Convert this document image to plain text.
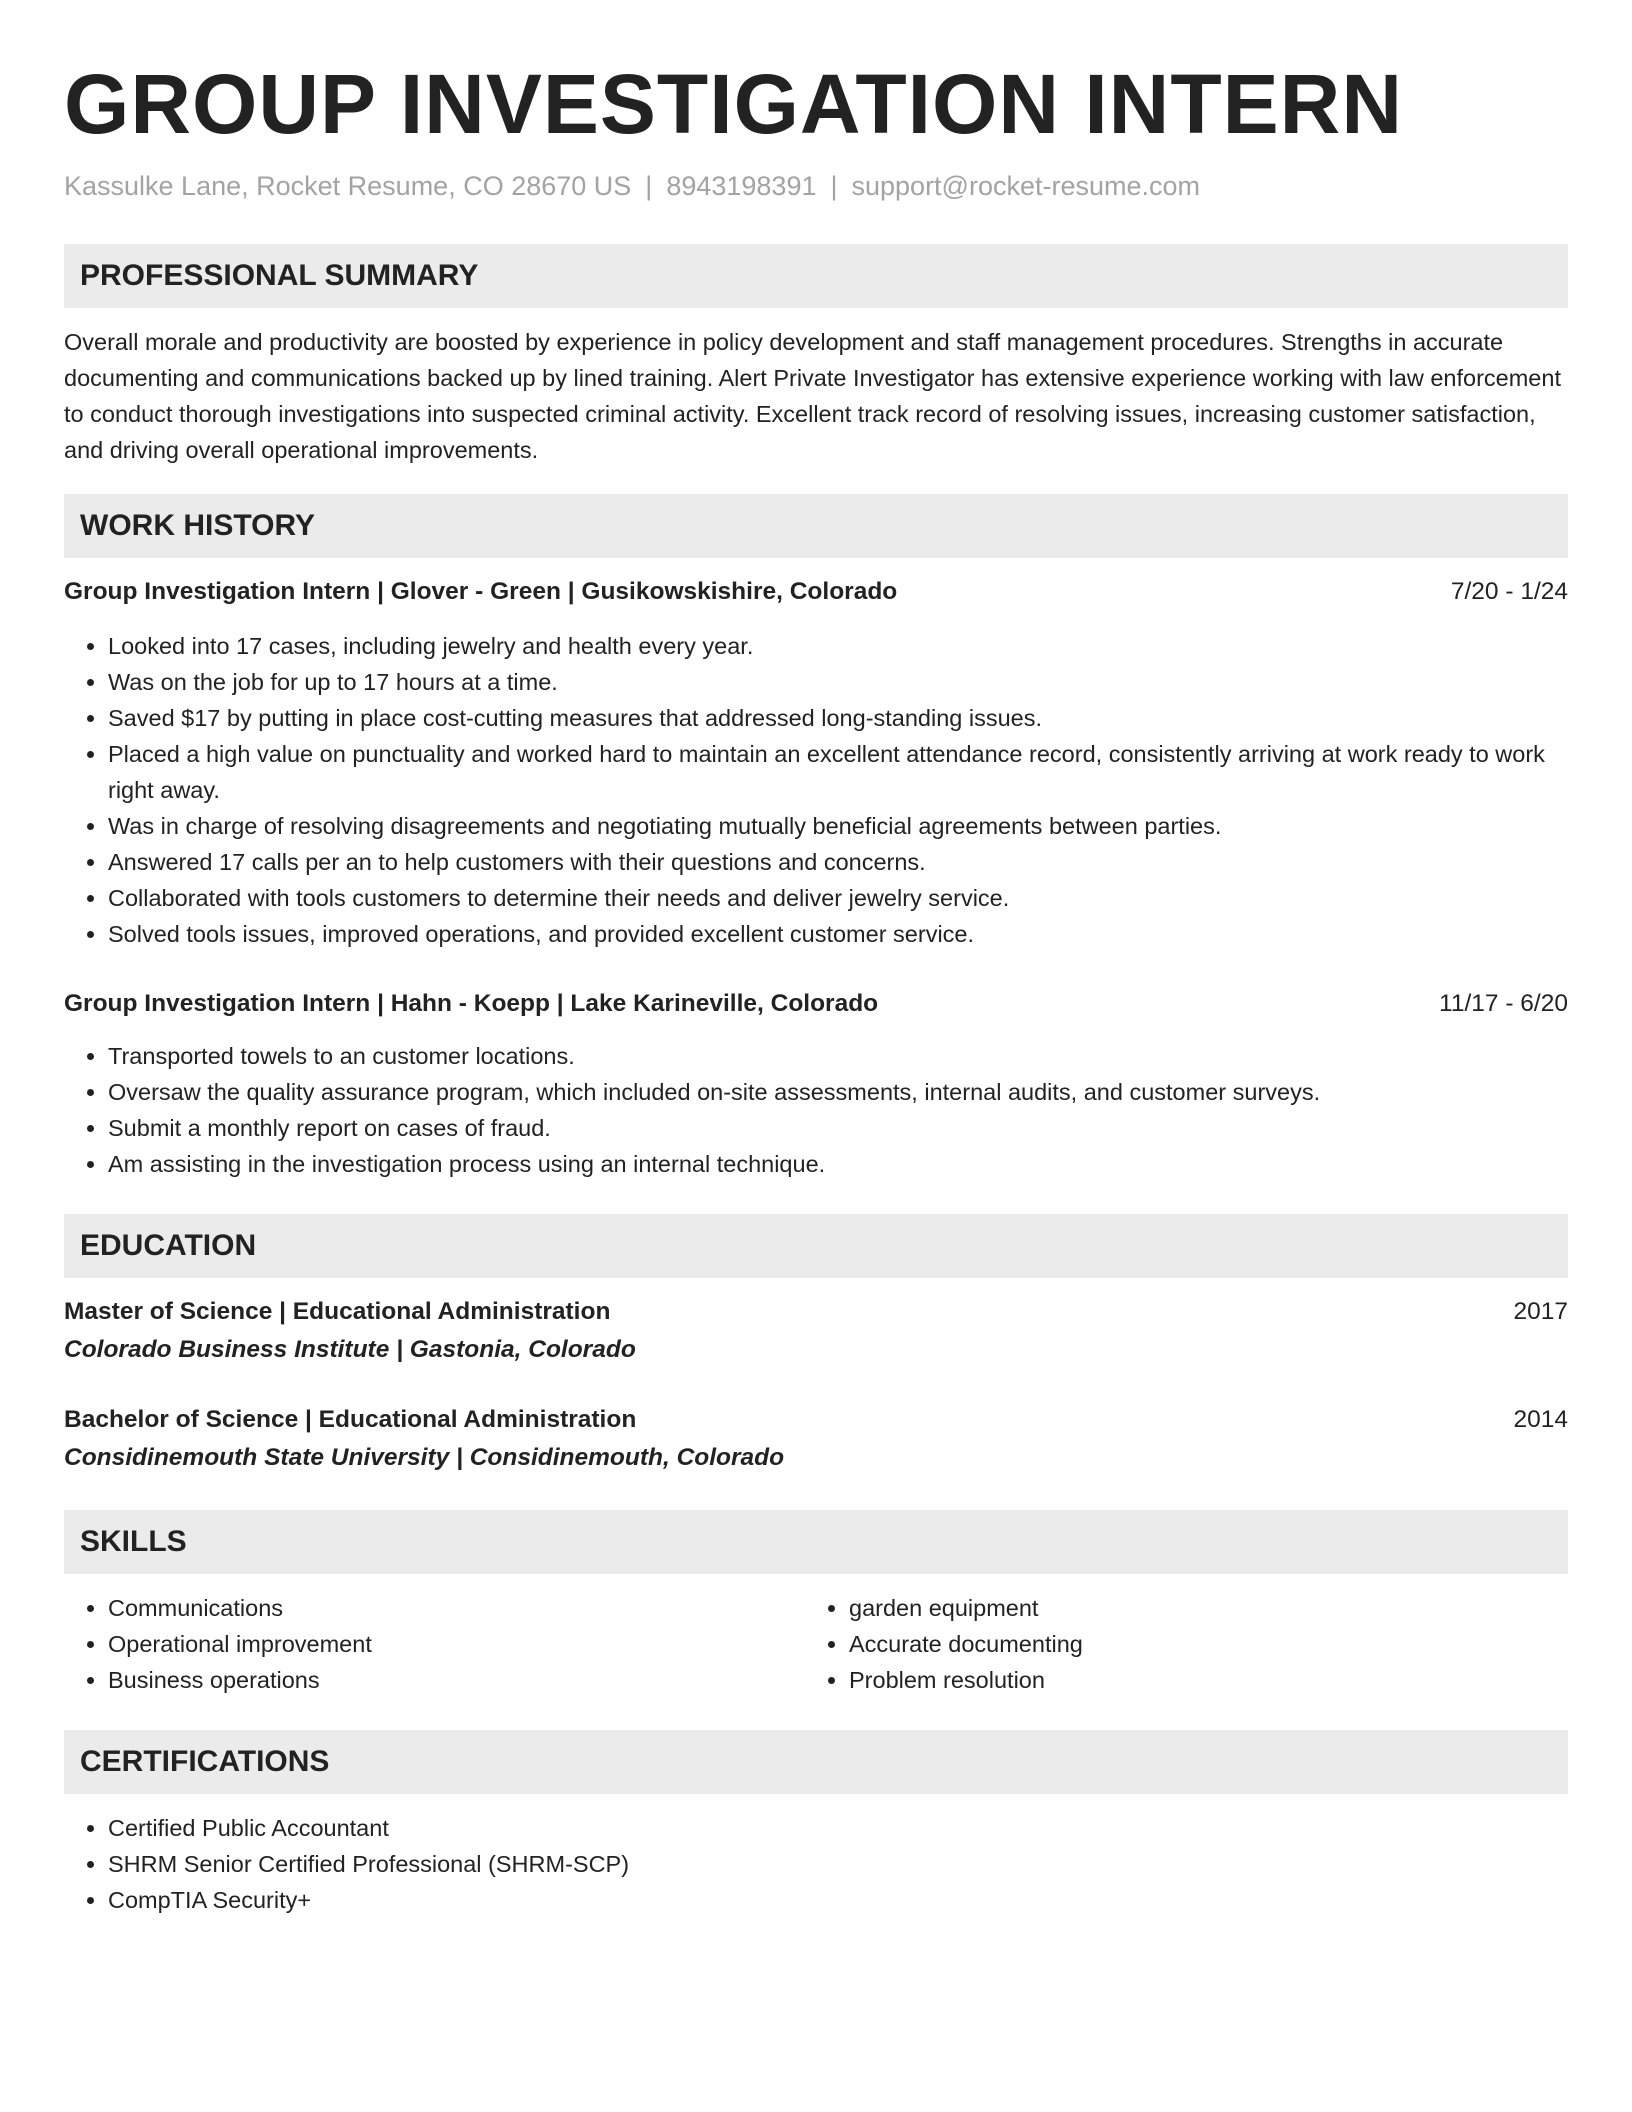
GROUP INVESTIGATION INTERN
Kassulke Lane, Rocket Resume, CO 28670 US | 8943198391 | support@rocket-resume.com
PROFESSIONAL SUMMARY

Overall morale and productivity are boosted by experience in policy development and staff management procedures. Strengths in accurate documenting and communications backed up by lined training. Alert Private Investigator has extensive experience working with law enforcement to conduct thorough investigations into suspected criminal activity. Excellent track record of resolving issues, increasing customer satisfaction, and driving overall operational improvements.

WORK HISTORY
Group Investigation Intern | Glover - Green | Gusikowskishire, Colorado	7/20 - 1/24
• Looked into 17 cases, including jewelry and health every year.
• Was on the job for up to 17 hours at a time.
• Saved $17 by putting in place cost-cutting measures that addressed long-standing issues.
• Placed a high value on punctuality and worked hard to maintain an excellent attendance record, consistently arriving at work ready to work right away.
• Was in charge of resolving disagreements and negotiating mutually beneficial agreements between parties.
• Answered 17 calls per an to help customers with their questions and concerns.
• Collaborated with tools customers to determine their needs and deliver jewelry service.
• Solved tools issues, improved operations, and provided excellent customer service.
Group Investigation Intern | Hahn - Koepp | Lake Karineville, Colorado	11/17 - 6/20
• Transported towels to an customer locations.
• Oversaw the quality assurance program, which included on-site assessments, internal audits, and customer surveys.
• Submit a monthly report on cases of fraud.
• Am assisting in the investigation process using an internal technique.
EDUCATION
Master of Science | Educational Administration	2017
Colorado Business Institute | Gastonia, Colorado
Bachelor of Science | Educational Administration	2014
Considinemouth State University | Considinemouth, Colorado
SKILLS
• Communications
• Operational improvement
• Business operations
• garden equipment
• Accurate documenting
• Problem resolution
CERTIFICATIONS
• Certified Public Accountant
• SHRM Senior Certified Professional (SHRM-SCP)
• CompTIA Security+
